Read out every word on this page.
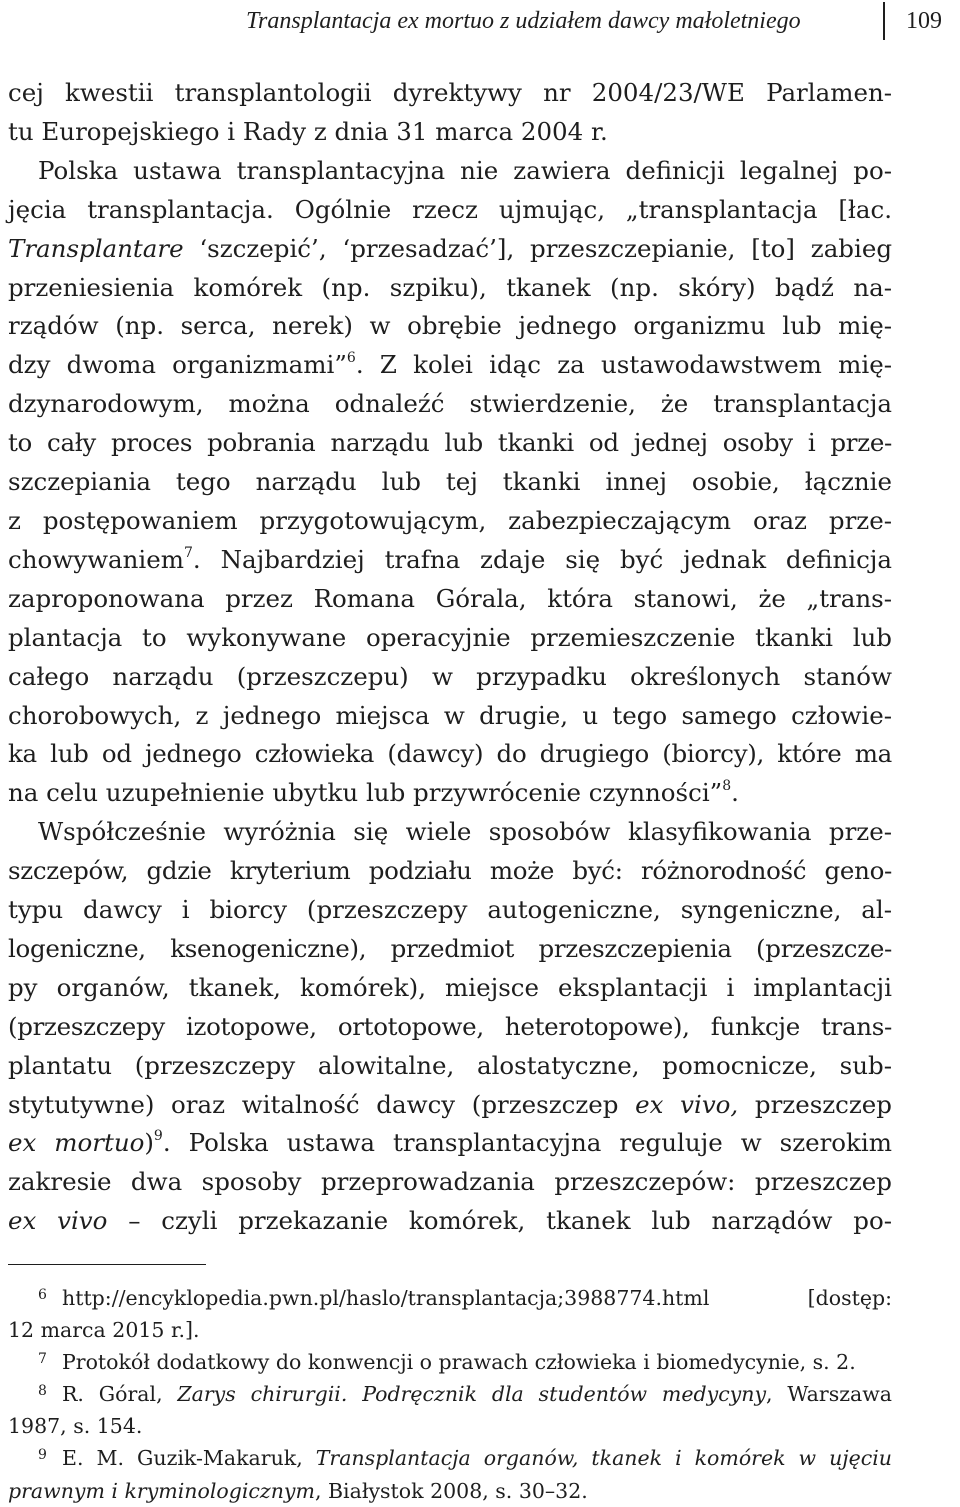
Transplantacja ex mortuo z udziałem dawcy małoletniego	109
cej kwestii transplantologii dyrektywy nr 2004/23/WE Parlamen-
tu Europejskiego i Rady z dnia 31 marca 2004 r.
Polska ustawa transplantacyjna nie zawiera definicji legalnej po-
jęcia transplantacja. Ogólnie rzecz ujmując, „transplantacja [łac.
Transplantare ‘szczepić’, ‘przesadzać’], przeszczepianie, [to] zabieg
przeniesienia komórek (np. szpiku), tkanek (np. skóry) bądź na-
rządów (np. serca, nerek) w obrębie jednego organizmu lub mię-
dzy dwoma organizmami”$^6$. Z kolei idąc za ustawodawstwem mię-
dzynarodowym, można odnaleźć stwierdzenie, że transplantacja
to cały proces pobrania narządu lub tkanki od jednej osoby i prze-
szczepiania tego narządu lub tej tkanki innej osobie, łącznie
z postępowaniem przygotowującym, zabezpieczającym oraz prze-
chowywaniem$^7$. Najbardziej trafna zdaje się być jednak definicja
zaproponowana przez Romana Górala, która stanowi, że „trans-
plantacja to wykonywane operacyjnie przemieszczenie tkanki lub
całego narządu (przeszczepu) w przypadku określonych stanów
chorobowych, z jednego miejsca w drugie, u tego samego człowie-
ka lub od jednego człowieka (dawcy) do drugiego (biorcy), które ma
na celu uzupełnienie ubytku lub przywrócenie czynności”$^8$.
Współcześnie wyróżnia się wiele sposobów klasyfikowania prze-
szczepów, gdzie kryterium podziału może być: różnorodność geno-
typu dawcy i biorcy (przeszczepy autogeniczne, syngeniczne, al-
logeniczne, ksenogeniczne), przedmiot przeszczepienia (przeszcze-
py organów, tkanek, komórek), miejsce eksplantacji i implantacji
(przeszczepy izotopowe, ortotopowe, heterotopowe), funkcje trans-
plantatu (przeszczepy alowitalne, alostatyczne, pomocnicze, sub-
stytutywne) oraz witalność dawcy (przeszczep ex vivo, przeszczep
ex mortuo)$^9$. Polska ustawa transplantacyjna reguluje w szerokim
zakresie dwa sposoby przeprowadzania przeszczepów: przeszczep
ex vivo – czyli przekazanie komórek, tkanek lub narządów po-
6 http://encyklopedia.pwn.pl/haslo/transplantacja;3988774.html [dostęp:
12 marca 2015 r.].
7 Protokół dodatkowy do konwencji o prawach człowieka i biomedycynie, s. 2.
8 R. Góral, Zarys chirurgii. Podręcznik dla studentów medycyny, Warszawa
1987, s. 154.
9 E. M. Guzik-Makaruk, Transplantacja organów, tkanek i komórek w ujęciu
prawnym i kryminologicznym, Białystok 2008, s. 30–32.
